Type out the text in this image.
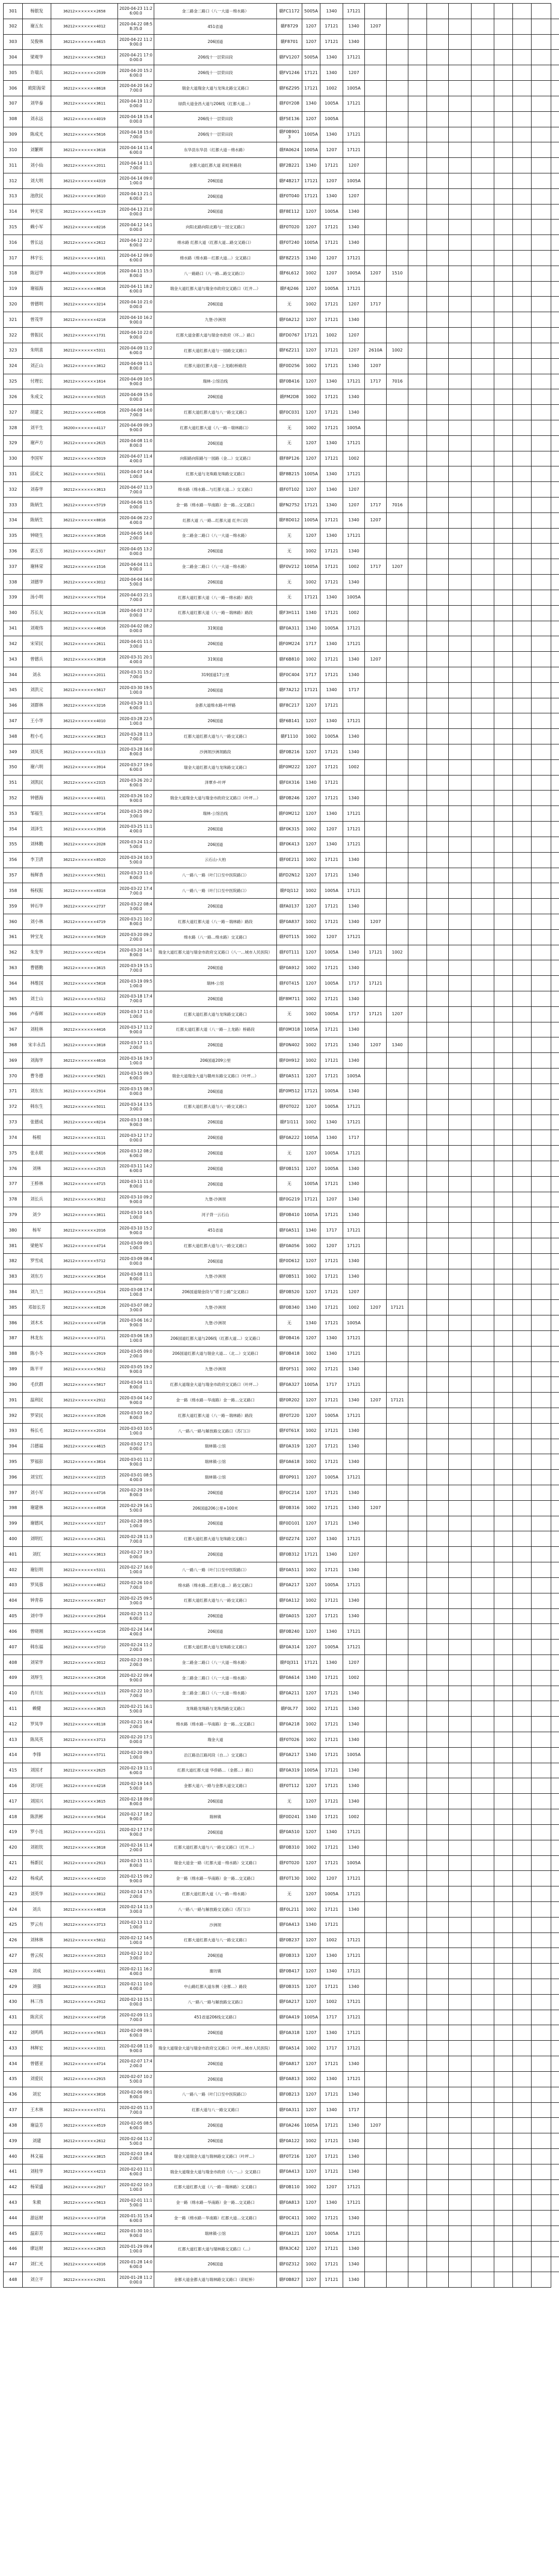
301	杨银发	36212×××××××2658	2020-04-23 11:26:00.0	金二路金二路口（八一大道－绵水路）	赣FC1172	5005A	1340	17121										

302	谢五东	36212×××××××4012	2020-04-22 08:58:35.0	451省道	赣F8729	1207	17121	1340	1207									
303	吴俊林	36212×××××××4615	2020-04-22 11:29:00.0	206国道	赣F8701	1207	17121	1340										
304	梁观华	36212×××××××5813	2020-04-21 17:00:00.0	206线十一层荣田段	赣FV1207	5005A	1340	17121										

305	许瑞兵	36212×××××××2039	2020-04-20 15:26:00.0	206线十一层荣田段	赣FV1246	17121	1340	1207										
306	欧阳海荣	36212×××××××8618	2020-04-20 16:27:00.0	瑞金大道瑞金大道与龙珠北路交叉路口	赣F6Z295	17121	1002	1005A										
307	刘华泰	36212×××××××3611	2020-04-19 11:20:00.0	绿荫大道金昌大道与206线（红都大道…）	赣F0Y208	1340	1005A	17121										

308	刘永远	36212×××××××4019	2020-04-18 15:40:00.0	206线十一层荣田段	赣F5E136	1207	1005A											
309	陈成光	36212×××××××5616	2020-04-18 15:07:00.0	206线十一层荣田段	赣F0B9013	1005A	1340	17121										
310	刘繁辉	36212×××××××3618	2020-04-14 11:46:00.0	东华县东华县（红都大道－绵水路）	赣FA0624	1005A	1207	17121										

311	刘小仙	36212×××××××2011	2020-04-14 11:17:00.0	金都大道红都大道 彩虹桥路段	赣F2B221	1340	17121	1207										
312	刘大明	36212×××××××4319	2020-04-14 09:01:00.0	206国道	赣F4B217	17121	1207	1005A										
313	池欣民	36212×××××××3610	2020-04-13 21:16:00.0	206国道	赣F0T040	17121	1340	1207										

314	钟光荣	36212×××××××4119	2020-04-13 21:00:00.0	206国道	赣F8E112	1207	1005A	1340										
315	赖小军	36212×××××××8216	2020-04-12 14:10:00.0	向阳北路向阳北路与一园交叉路口	赣F0T020	1207	17121	1340										
316	曾长远	36212×××××××2612	2020-04-12 22:26:00.0	绵水路 红都大道（红都大道…路交叉路口）	赣F0T240	1005A	17121	1340										

317	林宇长	36212×××××××1611	2020-04-12 09:06:00.0	绵水路（绵水路－红都大道…）交叉路口	赣F8Z215	1340	1207	17121										
318	陈冠华	44120×××××××3016	2020-04-11 15:38:00.0	八一路路口（八一路…路交叉路口）	赣F6L612	1002	1207	1005A	1207	1510								
319	谢福海	36212×××××××8616	2020-04-11 18:26:00.0	瑞金大道红都大道与瑞金市政府交叉路口（红井…）	赣F4J246	1207	1005A	17121										

320	曾德明	36212×××××××3214	2020-04-10 21:00:00.0	206国道	无	1002	17121	1207	1717									
321	曾茂华	36212×××××××4218	2020-04-10 16:29:00.0	九堡-沙洲坝	赣F0A212	1207	17121	1340										
322	曾振民	36212×××××××1731	2020-04-10 22:09:00.0	红都大道金都大道与瑞金市政府（环…）路口	赣FD0767	17121	1002	1207										

323	朱明喜	36212×××××××5311	2020-04-09 11:26:00.0	红都大道红都大道与一园路交叉路口	赣F6Z211	1207	17121	1207	2610A	1002								
324	刘正山	36212×××××××3812	2020-04-09 11:18:00.0	红都大道(红都大道－上龙路)桥路段	赣F0D256	1002	17121	1340	1207									
325	付理长	36212×××××××1614	2020-04-09 10:59:00.0	瑞林-公馆沿线	赣F0B416	1207	1340	17121	1717	7016								

326	朱成文	36212×××××××5015	2020-04-09 15:00:00.0	206国道	赣FM2D8	1002	17121	1340										
327	胡建文	36212×××××××4916	2020-04-09 14:07:00.0	红都大道红都大道与八一路交叉路口	赣F0C031	1207	17121	1340										
328	刘平生	36200×××××××4117	2020-04-09 09:39:00.0	红都大道红都大道（八一路－瑞林路口）	无	1002	17121	1005A										

329	谢声方	36212×××××××2615	2020-04-08 11:08:00.0	206国道	无	1207	1340	17121										
330	李国军	36212×××××××5019	2020-04-07 11:44:00.0	向阳路向阳路与一园路（金…）交叉路口	赣F8P126	1207	17121	1002										
331	邱成文	36212×××××××5011	2020-04-07 14:41:00.0	红都大道与龙珠路龙珠路交叉路口	赣F8B215	1005A	1340	17121										

332	刘春华	36212×××××××3613	2020-04-07 11:37:00.0	绵水路（绵水路…与红都大道…）交叉路口	赣F0T102	1207	1340	1207										
333	陈炳生	36212×××××××5719	2020-04-06 11:50:00.0	金一路（绵水路－华南路）金一路…交叉路口	赣FN2752	17121	1340	1207	1717	7016								
334	陈炳生	36212×××××××8816	2020-04-06 22:24:00.0	红都大道 八一路…红都大道 红井口段	赣F8D012	1005A	17121	1340	1207									

335	钟晓生	36212×××××××3616	2020-04-05 14:02:00.0	金二路金二路口（八一大道－绵水路）	无	1207	1340	17121										
336	郭五芳	36212×××××××2617	2020-04-05 13:20:00.0	206国道	无	1002	17121	1340										
337	谢林荣	36212×××××××1516	2020-04-04 11:19:00.0	金二路金二路口（八一大道－绵水路）	赣F0V212	1005A	17121	1002	1717	1207								

338	刘德华	36212×××××××3012	2020-04-04 16:05:00.0	206国道	无	1002	17121	1340										
339	汤小明	36212×××××××7014	2020-04-03 21:17:00.0	红都大道红都大道（八一路－绵水路）路段	无	17121	1340	1005A										
340	苏长友	36212×××××××3118	2020-04-03 17:20:00.0	红都大道红都大道（八一路－瑞林路）路段	赣F3H111	1340	17121	1002										

341	刘观伟	36212×××××××4616	2020-04-02 08:20:00.0	319国道	赣F0A311	1340	1005A	17121										
342	宋荣民	36212×××××××2611	2020-04-01 11:13:00.0	206国道	赣F0M224	1717	1340	17121										
343	曾德兵	36212×××××××3818	2020-03-31 20:14:00.0	319国道	赣F6B810	1002	17121	1340	1207									

344	刘永	36212×××××××2011	2020-03-31 15:27:00.0	319国道17公里	赣F0C404	1717	17121	1340										
345	刘洪元	36212×××××××5617	2020-03-30 19:51:00.0	206国道	赣F7A212	17121	1340	1717										
346	刘群林	36212×××××××3216	2020-03-29 11:16:00.0	金都大道绵水路-叶坪路	赣F8C217	1207	17121											

347	王小华	36212×××××××4010	2020-03-28 22:51:00.0	206国道	赣F6B141	1207	1340	17121										
348	程小毛	36212×××××××3813	2020-03-28 11:37:00.0	红都大道红都大道与八一路交叉路口	赣F1110	1002	1005A	1340										
349	刘凤英	36212×××××××3113	2020-03-28 16:08:00.0	沙洲坝沙洲坝路段	赣F0B216	1207	17121	1340										

350	谢六明	36212×××××××3914	2020-03-27 19:06:00.0	瑞金大道红都大道与龙珠路交叉路口	赣F0M222	1207	17121	1002										
351	刘凯民	36212×××××××2315	2020-03-26 20:26:00.0	泽覃乡-叶坪	赣F0X316	1340	17121											
352	钟德海	36212×××××××4011	2020-03-26 10:29:00.0	瑞金大道瑞金大道与瑞金市政府交叉路口（叶坪…）	赣F0B246	1207	17121	1340										

353	邹福生	36212×××××××8714	2020-03-25 09:23:00.0	瑞林-公馆沿线	赣F0M212	1207	1340	17121										
354	刘泽生	36212×××××××3916	2020-03-25 11:14:00.0	206国道	赣F0K315	1002	1207	17121										
355	刘林勤	36212×××××××2028	2020-03-24 11:25:00.0	206国道	赣F0K413	1207	1340	17121										

356	李卫清	36212×××××××8520	2020-03-24 10:35:00.0	云石山-大柏	赣F0E211	1002	17121	1340										
357	杨辉香	36212×××××××5611	2020-03-23 11:08:00.0	八一路八一路（叶门口至中医院路口）	赣FD2N12	1207	17121	1340										
358	杨权振	36212×××××××8318	2020-03-22 17:47:00.0	八一路八一路（叶门口至中医院路口）	赣F0J112	1002	1005A	17121										

359	钟石华	36212×××××××2737	2020-03-22 08:43:00.0	206国道	赣FA0137	1207	17121	1340										
360	刘小林	36212×××××××4719	2020-03-21 10:28:00.0	红都大道红都大道（八一路－瑞林路）路段	赣F0A837	1002	17121	1340	1207									
361	钟宝龙	36212×××××××5619	2020-03-20 09:22:00.0	绵水路（八一路…绵水路）交叉路口	赣F0T115	1002	1207	17121										

362	朱发华	36212×××××××6214	2020-03-20 14:18:00.0	瑞金大道红都大道与瑞金市政府交叉路口（八一…城市人民医院）	赣F0T111	1207	1005A	1340	17121	1002								
363	曹德勤	36212×××××××3615	2020-03-19 15:17:00.0	206国道	赣F0A912	1002	17121	1340										
364	林维国	36212×××××××5818	2020-03-19 09:51:00.0	瑞林-公馆	赣F0T415	1207	1005A	1717	17121									

365	刘士山	36212×××××××5312	2020-03-18 17:47:00.0	206国道	赣F8M711	1002	17121	1340										
366	卢春辉	36212×××××××4519	2020-03-17 11:01:00.0	红都大道红都大道与龙珠路交叉路口	无	1002	1005A	1717	17121	1207								
367	刘桂林	36212×××××××4416	2020-03-17 11:29:00.0	红都大道红都大道（八一路－上龙路）桥路段	赣F0M318	1005A	17121	1340										

368	宋丰永昌	36212×××××××3818	2020-03-17 11:12:00.0	206国道	赣F0N402	1002	17121	1340	1207	1340								
369	刘海华	36212×××××××4616	2020-03-16 19:31:00.0	206国道209公里	赣F0H912	1002	17121	1340										
370	曹冬德	36212×××××××5821	2020-03-15 09:36:00.0	瑞金大道瑞金大道与赣州东路交叉路口（叶坪…）	赣F0A511	1207	17121	1005A										

371	刘东东	36212×××××××2914	2020-03-15 08:30:00.0	206国道	赣F0M512	17121	1005A	1340										
372	韩东生	36212×××××××5011	2020-03-14 13:53:00.0	红都大道红都大道与八一路交叉路口	赣F0T022	1207	1005A	17121										
373	张德成	36212×××××××8214	2020-03-13 08:19:00.0	206国道	赣F1I111	1002	1340	17121										

374	杨根	36212×××××××3111	2020-03-12 17:20:00.0	206国道	赣F0A222	1005A	1340	1717										
375	张永联	36212×××××××5616	2020-03-12 08:26:00.0	206国道	无	1207	1005A	17121										
376	刘林	36212×××××××2515	2020-03-11 14:26:00.0	206国道	赣F0B151	1207	1005A	1340										

377	王桥林	36212×××××××4715	2020-03-11 11:08:00.0	206国道	无	1005A	17121	1340										
378	刘长兵	36212×××××××3612	2020-03-10 09:29:00.0	九堡-沙洲坝	赣F0G219	17121	1207	1340										
379	刘少	36212×××××××3811	2020-03-10 14:51:00.0	河子背一云石山	赣F0B410	1005A	17121	1340										

380	杨军	36212×××××××2016	2020-03-10 15:29:00.0	451省道	赣F0A511	1340	1717	17121										
381	梁艳军	36212×××××××4714	2020-03-09 09:11:00.0	红都大道红都大道与八一路交叉路口	赣F0A056	1002	1207	17121										
382	罗雪成	36212×××××××5712	2020-03-09 08:40:00.0	206国道	赣F0D612	1207	17121	1340										

383	刘东方	36212×××××××3614	2020-03-08 11:18:00.0	九堡-沙洲坝	赣F0B511	1002	17121	1340										
384	刘九兰	36212×××××××2514	2020-03-08 17:41:00.0	206国道瑞金段与“塔下公路”交叉路口	赣F0B520	1207	17121	1207										
385	邓如长芳	36212×××××××8126	2020-03-07 08:23:00.0	九堡-沙洲坝	赣F0B340	1340	17121	1002	1207	17121								

386	刘木木	36212×××××××4718	2020-03-06 16:29:00.0	九堡-沙洲坝	无	1340	17121	1005A										
387	林龙东	36212×××××××3711	2020-03-06 18:31:00.0	206国道红都大道与206线（红都大道…）交叉路口	赣F0B416	1207	1340	17121										
388	陈小冬	36212×××××××2919	2020-03-05 09:02:00.0	206国道红都大道与瑞金大道…（北…）交叉路口	赣F0B418	1002	1340	17121										

389	陈平平	36212×××××××5612	2020-03-05 19:29:00.0	九堡-沙洲坝	赣F0F511	1002	17121	1340										
390	毛伏群	36212×××××××5817	2020-03-04 11:18:00.0	红都大道瑞金大道与瑞金市政府交叉路口（叶坪…）	赣F0A327	1005A	1717	17121										
391	温利民	36212×××××××2912	2020-03-04 14:29:00.0	金一路（绵水路－华南路）金一路…交叉路口	赣F0R202	1207	17121	1340	1207	17121								

392	罗荣民	36212×××××××3526	2020-03-03 16:28:00.0	红都大道红都大道（八一路－瑞林路）路段	赣F0T220	1207	1005A	17121										
393	杨长毛	36212×××××××2014	2020-03-03 10:51:00.0	八一路八一路与解放路交叉路口（苏门口）	赣F0T61X	1002	17121	1340										
394	吕德福	36212×××××××4615	2020-03-02 17:10:00.0	瑞林镇-公馆	赣F0A319	1207	17121	1340										

395	罗福彭	36212×××××××3814	2020-03-01 11:29:00.0	瑞林镇-公馆	赣F0A618	1002	17121	1340										
396	刘宝红	36212×××××××2215	2020-03-01 08:54:00.0	瑞林镇-公馆	赣F0P911	1207	1005A	17121										
397	刘小军	36212×××××××4716	2020-02-29 19:08:00.0	206国道	赣F0C214	1207	17121	1340										

398	谢建林	36212×××××××4918	2020-02-29 16:15:00.0	206国道206公里+100米	赣F0B316	1002	17121	1340	1207									
399	谢德风	36212×××××××3217	2020-02-28 09:51:00.0	206国道	赣F0D101	1207	17121	1340										
400	刘明红	36212×××××××2611	2020-02-28 11:37:00.0	红都大道红都大道与龙珠路交叉路口	赣F0Z274	1207	1340	17121										

401	刘红	36212×××××××3613	2020-02-27 19:30:00.0	206国道	赣F0B312	17121	1340	1207										
402	谢衍明	36212×××××××5311	2020-02-27 16:01:00.0	八一路八一路（叶门口至中医院路口）	赣F0A511	1002	17121	1340										
403	罗凤蓉	36212×××××××4812	2020-02-26 10:07:00.0	绵水路（绵水路…红都大道…）路交叉路口	赣F0A217	1207	1005A	17121										

404	钟青春	36212×××××××3617	2020-02-25 09:53:00.0	红都大道红都大道与八一路交叉路口	赣F0A112	1002	17121	1340										
405	刘中华	36212×××××××2914	2020-02-25 11:26:00.0	206国道	赣F0A015	1207	17121	1340										
406	曾晓刚	36212×××××××4216	2020-02-24 14:44:00.0	206国道	赣F0B240	1207	1340	17121										

407	韩东福	36212×××××××5710	2020-02-24 11:22:00.0	红都大道红都大道与龙珠路交叉路口	赣F0A314	1207	1005A	17121										
408	刘荣华	36212×××××××3012	2020-02-23 09:12:00.0	金二路金二路口（八一大道－绵水路）	赣F0J311	17121	1340	1207										
409	刘厚生	36212×××××××2616	2020-02-22 09:49:00.0	金二路金二路口（八一大道－绵水路）	赣F0A614	1340	17121	1002										

410	肖川东	36212×××××××5113	2020-02-22 10:37:00.0	金二路金二路口（八一大道－绵水路）	赣F0A211	1207	17121	1340										
411	赖健	36212×××××××3615	2020-02-21 16:15:00.0	龙珠路龙珠路与龙珠西路交叉路口	赣F0L77	1002	17121	1340										
412	罗凤华	36212×××××××8118	2020-02-21 16:42:00.0	绵水路（绵水路－华南路）金一路…交叉路口	赣F0A218	1002	17121	1340										

413	陈凤英	36212×××××××3713	2020-02-20 17:10:00.0	瑞金大道	赣F0T026	1002	17121	1340										
414	李锋	36212×××××××5711	2020-02-20 09:31:00.0	沿江路沿江路河段（自…）交叉路口	赣F0A217	1340	17121	1005A										
415	刘国才	36212×××××××2625	2020-02-19 11:16:00.0	红都大道红都大道 华侨路…（金都…）路口	赣F0A319	1005A	17121	1340										

416	刘兴旺	36212×××××××4218	2020-02-19 14:55:00.0	金都大道八一路与金都大道交叉路口	赣F0T112	1207	17121	1340										
417	刘国兴	36212×××××××3615	2020-02-18 09:08:00.0	206国道	无	1207	17121	1340										
418	陈洪彬	36212×××××××5614	2020-02-17 18:29:00.0	瑞林镇	赣F0D241	1340	17121	1002										

419	罗小连	36212×××××××2211	2020-02-17 17:09:00.0	206国道	赣F0A510	1207	1340	17121										
420	刘祖钦	36212×××××××3618	2020-02-16 11:42:00.0	红都大道红都大道与八一路交叉路口（红井…）	赣F0B310	1002	17121	1340										
421	杨新民	36212×××××××2913	2020-02-15 11:18:00.0	瑞金大道金一路（红都大道－绵水路）交叉路口	赣F0T020	1207	17121	1005A										

422	杨成武	36212×××××××4210	2020-02-15 09:29:00.0	金一路（绵水路－华南路）金一路…交叉路口	赣F0T130	1002	1207	17121										
423	刘英华	36212×××××××3812	2020-02-14 17:52:00.0	红都大道红都大道（八一路－绵水路）	无	1207	1005A	17121										
424	刘兵	36212×××××××4618	2020-02-14 11:33:00.0	八一路八一路与解放路交叉路口（苏门口）	赣F0L211	1002	17121	1340										

425	罗云有	36212×××××××3713	2020-02-13 11:21:00.0	沙洲坝	赣F0A413	1340	17121											
426	刘林林	36212×××××××5812	2020-02-12 14:51:00.0	红都大道红都大道与八一路交叉路口	赣F0B237	1207	1002	17121										
427	曾云权	36212×××××××2013	2020-02-12 10:23:00.0	206国道	赣F0B313	1207	1340	17121										

428	刘成	36212×××××××4811	2020-02-11 16:24:00.0	谢坊镇	赣F0B417	1207	1340	17121										
429	刘强	36212×××××××3513	2020-02-11 10:04:00.0	中山路红都大道东侧（金都…）路段	赣F0B315	1207	17121	1340										
430	林三伟	36212×××××××2912	2020-02-10 15:10:00.0	八一路八一路与解放路交叉路口	赣F0A217	1207	1002	17121										

431	陈宾宾	36212×××××××4716	2020-02-09 11:17:00.0	451省道206线交叉路口	赣F0A419	1005A	1717	17121										
432	刘鸣鸣	36212×××××××5613	2020-02-09 09:16:00.0	206国道	赣F0A318	1207	1340	17121										
433	林辉宏	36212×××××××3311	2020-02-08 11:09:00.0	瑞金大道瑞金大道与瑞金市政府交叉路口（叶坪…城市人民医院）	赣F0A514	1002	1717	17121										

434	曾德亚	36212×××××××4714	2020-02-07 17:42:00.0	206国道	赣F0A817	1207	17121	1340										
435	刘爱民	36212×××××××2915	2020-02-07 10:25:00.0	206国道	赣F0A813	1002	1340	17121										
436	刘宏	36212×××××××3816	2020-02-06 09:18:00.0	八一路八一路（叶门口至中医院路口）	赣F0B213	1207	17121	1340										

437	王木林	36212×××××××5711	2020-02-05 11:37:00.0	红都大道与八一路交叉路口	赣F0A311	1207	1340	1717										
438	谢益芳	36212×××××××4519	2020-02-05 08:56:00.0	206国道	赣F0A246	1005A	17121	1340	1207									
439	刘建	36212×××××××2612	2020-02-04 11:25:00.0	206国道	赣F0A122	1002	17121	1340										

440	林文福	36212×××××××3815	2020-02-03 18:42:00.0	瑞金大道瑞金大道与瑞林路交叉路口（叶坪…）	赣F0T216	1207	17121	1340										
441	刘桂华	36212×××××××4213	2020-02-03 11:16:00.0	瑞金大道瑞金大道与瑞金市政府（八一…）交叉路口	赣F0A413	1207	17121	1340										
442	杨荣盛	36212×××××××2917	2020-02-02 10:31:00.0	红都大道红都大道（八一路－瑞林路）交叉路口	赣F0B110	1002	1207	17121										

443	朱毅	36212×××××××5613	2020-02-01 11:15:00.0	金一路（绵水路－华南路）金一路…交叉路口	赣F0A813	1207	1340	17121										
444	游远财	36212×××××××3718	2020-01-31 15:46:00.0	金一路（绵水路－华南路）红都大道…交叉路口	赣F0C411	1002	17121	1340										
445	温彩芳	36212×××××××4812	2020-01-30 10:19:00.0	瑞林镇-公馆	赣F0A121	1207	1005A	17121										

446	廖远财	36212×××××××2815	2020-01-29 09:41:00.0	红都大道红都大道与瑞林路交叉路口（…）	赣FA3C42	1207	17121	1340										
447	刘仁光	36212×××××××4316	2020-01-28 14:06:00.0	206国道	赣F0Z312	1002	17121	1340										
448	刘立平	36212×××××××2931	2020-01-28 11:20:00.0	金都大道金都大道与瑞林路交叉路口（彩虹桥）	赣F0B827	1207	17121	1340										
